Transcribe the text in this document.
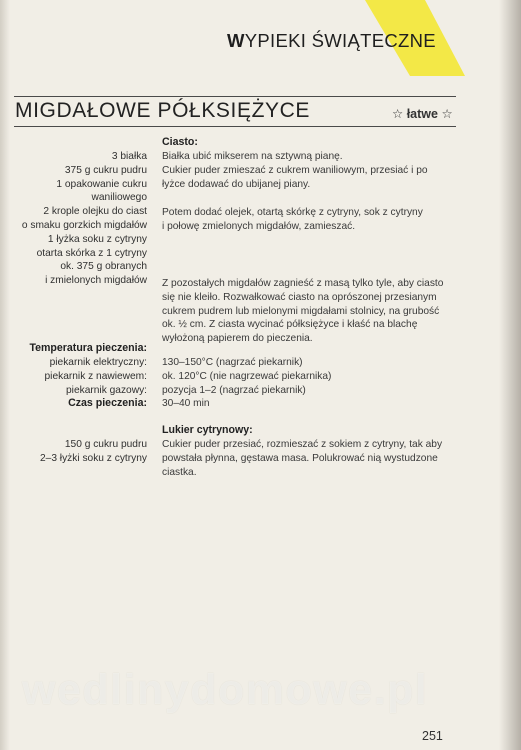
WYPIEKI ŚWIĄTECZNE
MIGDAŁOWE PÓŁKSIĘŻYCE	☆ łatwe ☆
3 białka
375 g cukru pudru
1 opakowanie cukru
waniliowego
2 krople olejku do ciast
o smaku gorzkich migdałów
1 łyżka soku z cytryny
otarta skórka z 1 cytryny
ok. 375 g obranych
i zmielonych migdałów
Ciasto:
Białka ubić mikserem na sztywną pianę.
Cukier puder zmieszać z cukrem waniliowym, przesiać i po
łyżce dodawać do ubijanej piany.
Potem dodać olejek, otartą skórkę z cytryny, sok z cytryny
i połowę zmielonych migdałów, zamieszać.
Z pozostałych migdałów zagnieść z masą tylko tyle, aby ciasto
się nie kleiło. Rozwałkować ciasto na oprószonej przesianym
cukrem pudrem lub mielonymi migdałami stolnicy, na grubość
ok. ½ cm. Z ciasta wycinać półksiężyce i kłaść na blachę
wyłożoną papierem do pieczenia.
Temperatura pieczenia:
piekarnik elektryczny:
piekarnik z nawiewem:
piekarnik gazowy:
Czas pieczenia:
130–150°C (nagrzać piekarnik)
ok. 120°C (nie nagrzewać piekarnika)
pozycja 1–2 (nagrzać piekarnik)
30–40 min
Lukier cytrynowy:
150 g cukru pudru
2–3 łyżki soku z cytryny
Cukier puder przesiać, rozmieszać z sokiem z cytryny, tak aby
powstała płynna, gęstawa masa. Polukrować nią wystudzone
ciastka.
wedlinydomowe.pl
251
